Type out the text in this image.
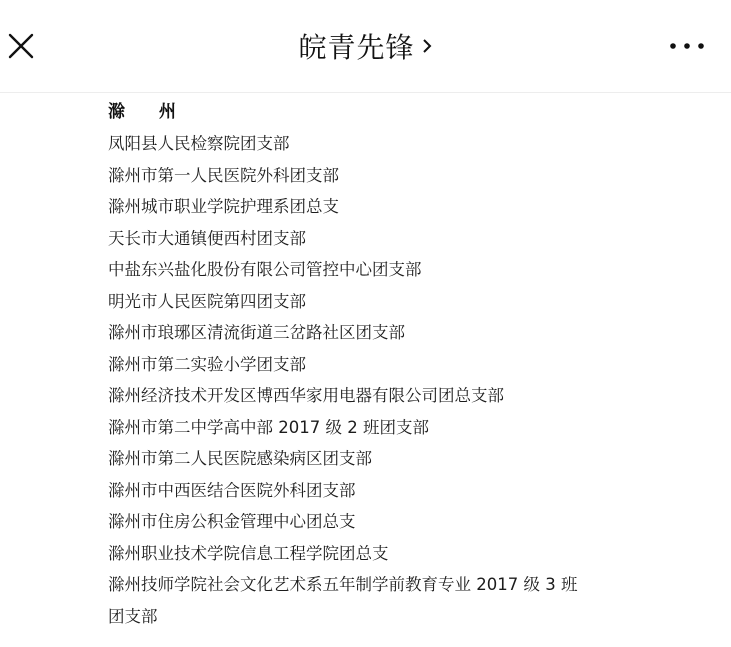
皖青先锋
滁 州
凤阳县人民检察院团支部
滁州市第一人民医院外科团支部
滁州城市职业学院护理系团总支
天长市大通镇便西村团支部
中盐东兴盐化股份有限公司管控中心团支部
明光市人民医院第四团支部
滁州市琅琊区清流街道三岔路社区团支部
滁州市第二实验小学团支部
滁州经济技术开发区博西华家用电器有限公司团总支部
滁州市第二中学高中部 2017 级 2 班团支部
滁州市第二人民医院感染病区团支部
滁州市中西医结合医院外科团支部
滁州市住房公积金管理中心团总支
滁州职业技术学院信息工程学院团总支
滁州技师学院社会文化艺术系五年制学前教育专业 2017 级 3 班
团支部
